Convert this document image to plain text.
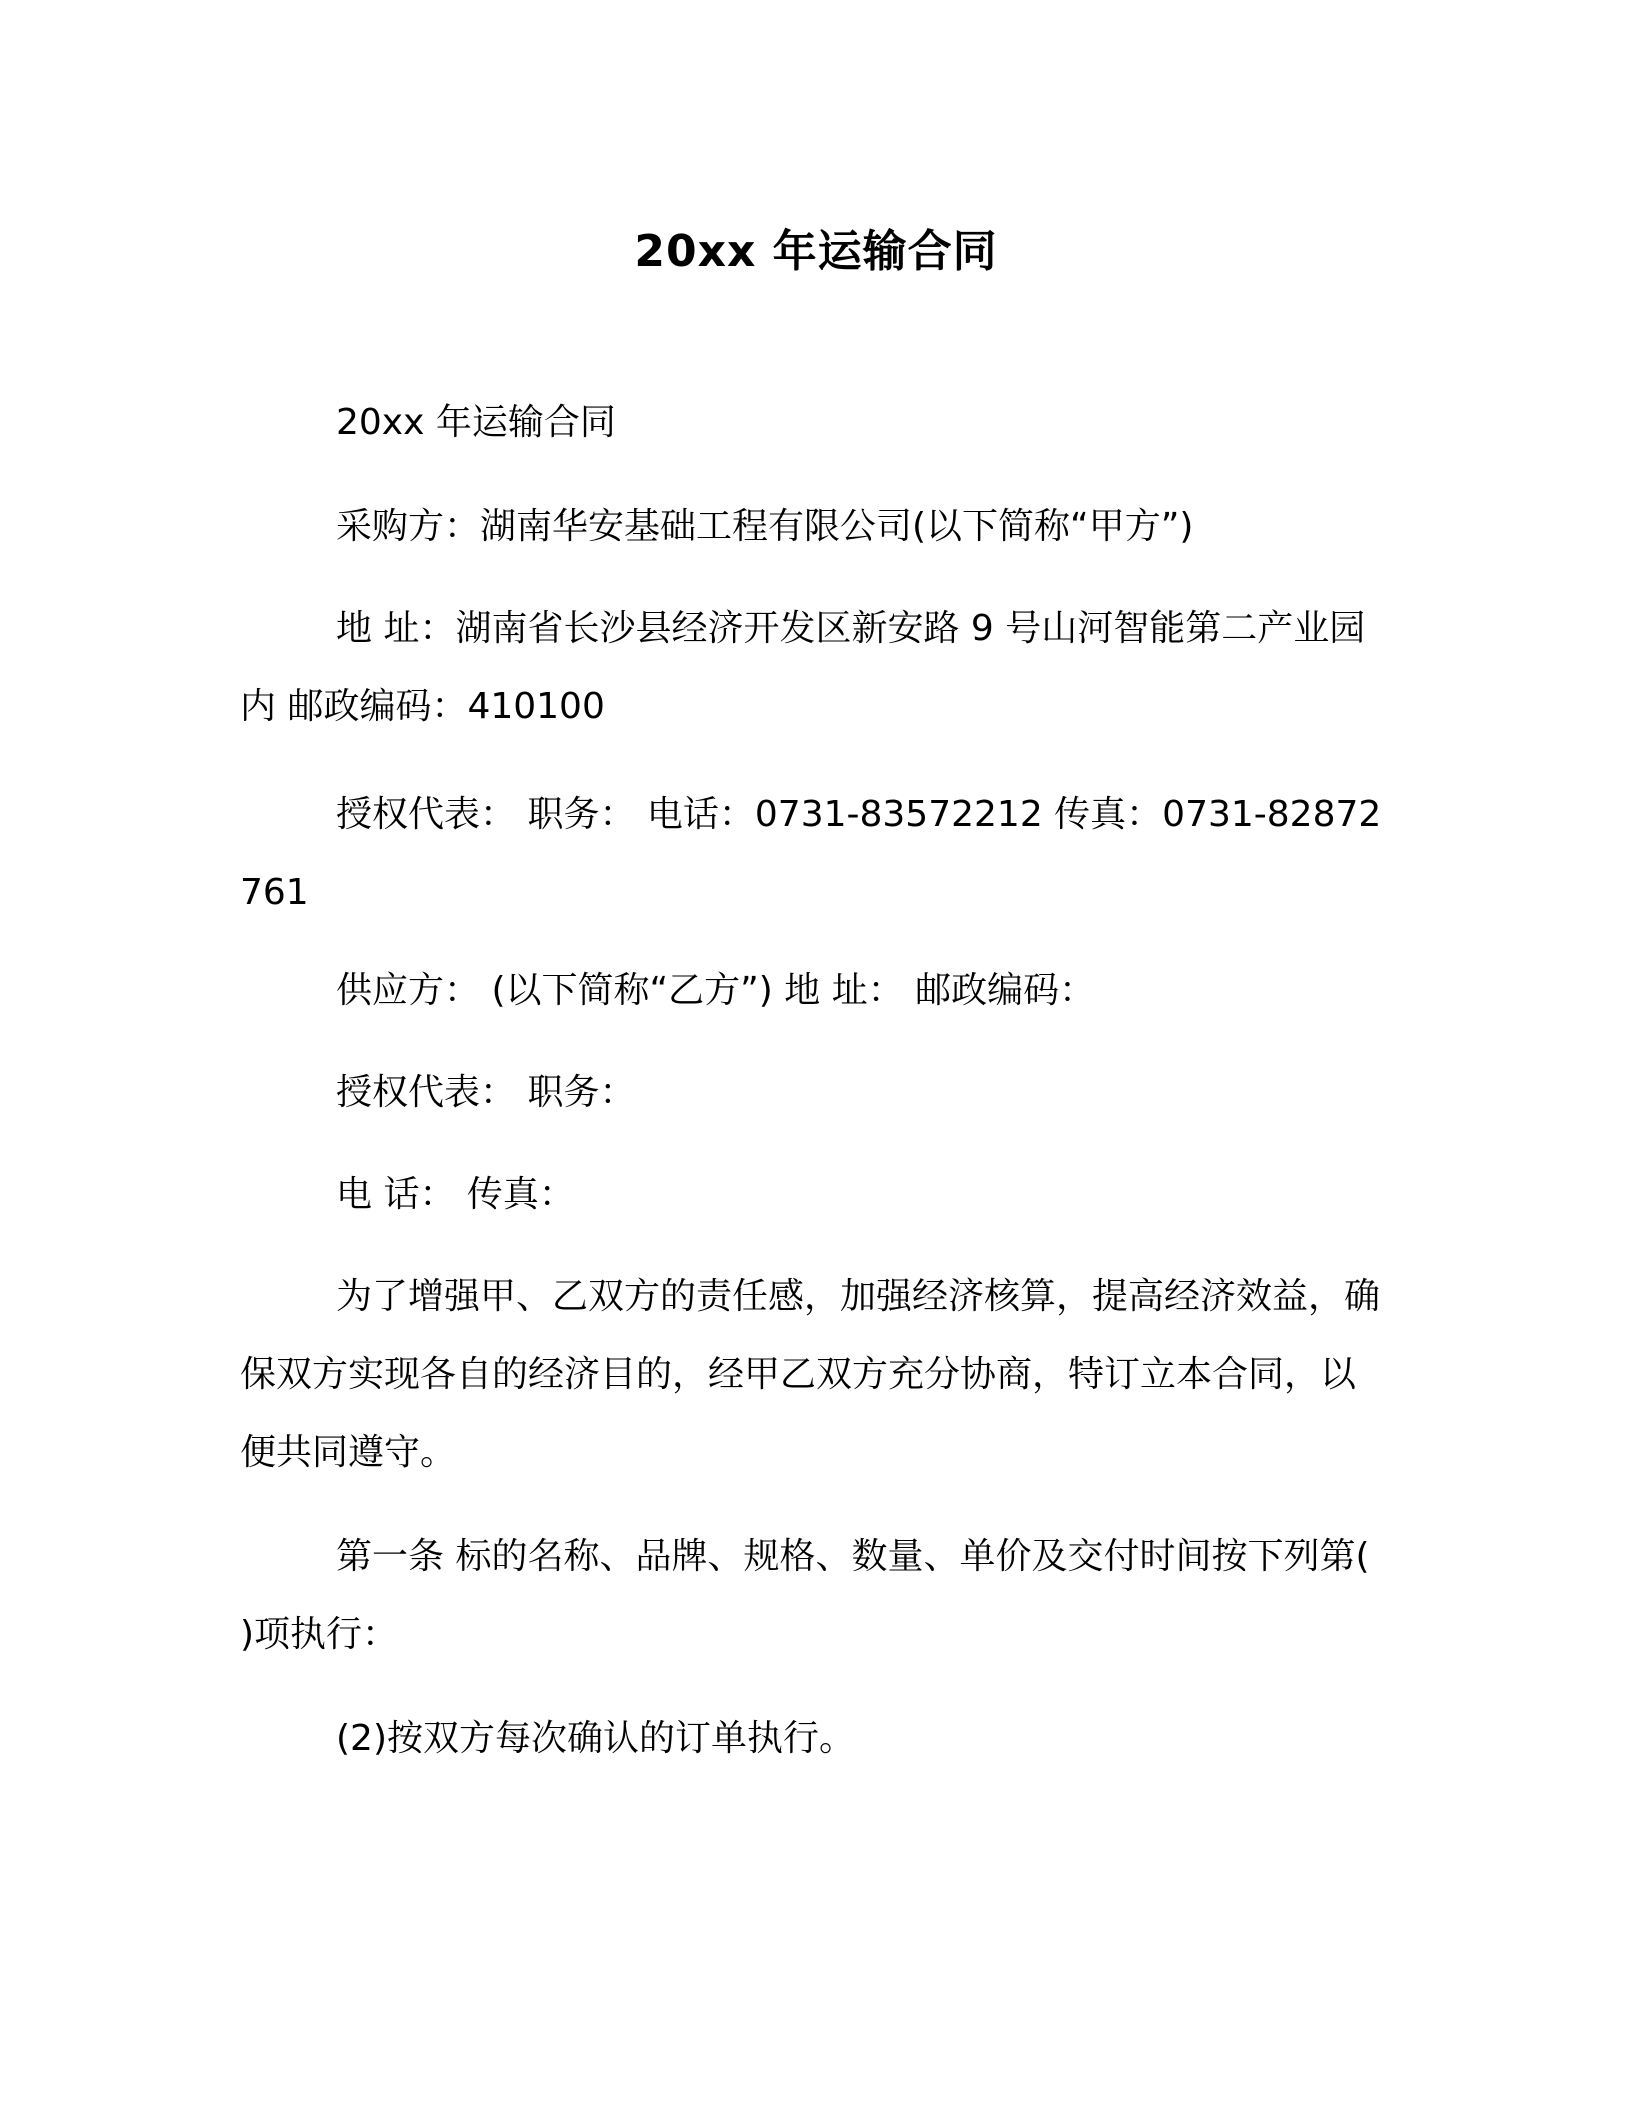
20xx 年运输合同

20xx 年运输合同

采购方：湖南华安基础工程有限公司(以下简称“甲方”)

地 址：湖南省长沙县经济开发区新安路 9 号山河智能第二产业园内 邮政编码：410100

授权代表： 职务： 电话：0731-83572212 传真：0731-82872761

供应方： (以下简称“乙方”) 地 址： 邮政编码：

授权代表： 职务：

电 话： 传真：

为了增强甲、乙双方的责任感，加强经济核算，提高经济效益，确保双方实现各自的经济目的，经甲乙双方充分协商，特订立本合同，以便共同遵守。

第一条 标的名称、品牌、规格、数量、单价及交付时间按下列第( )项执行：

(2)按双方每次确认的订单执行。
